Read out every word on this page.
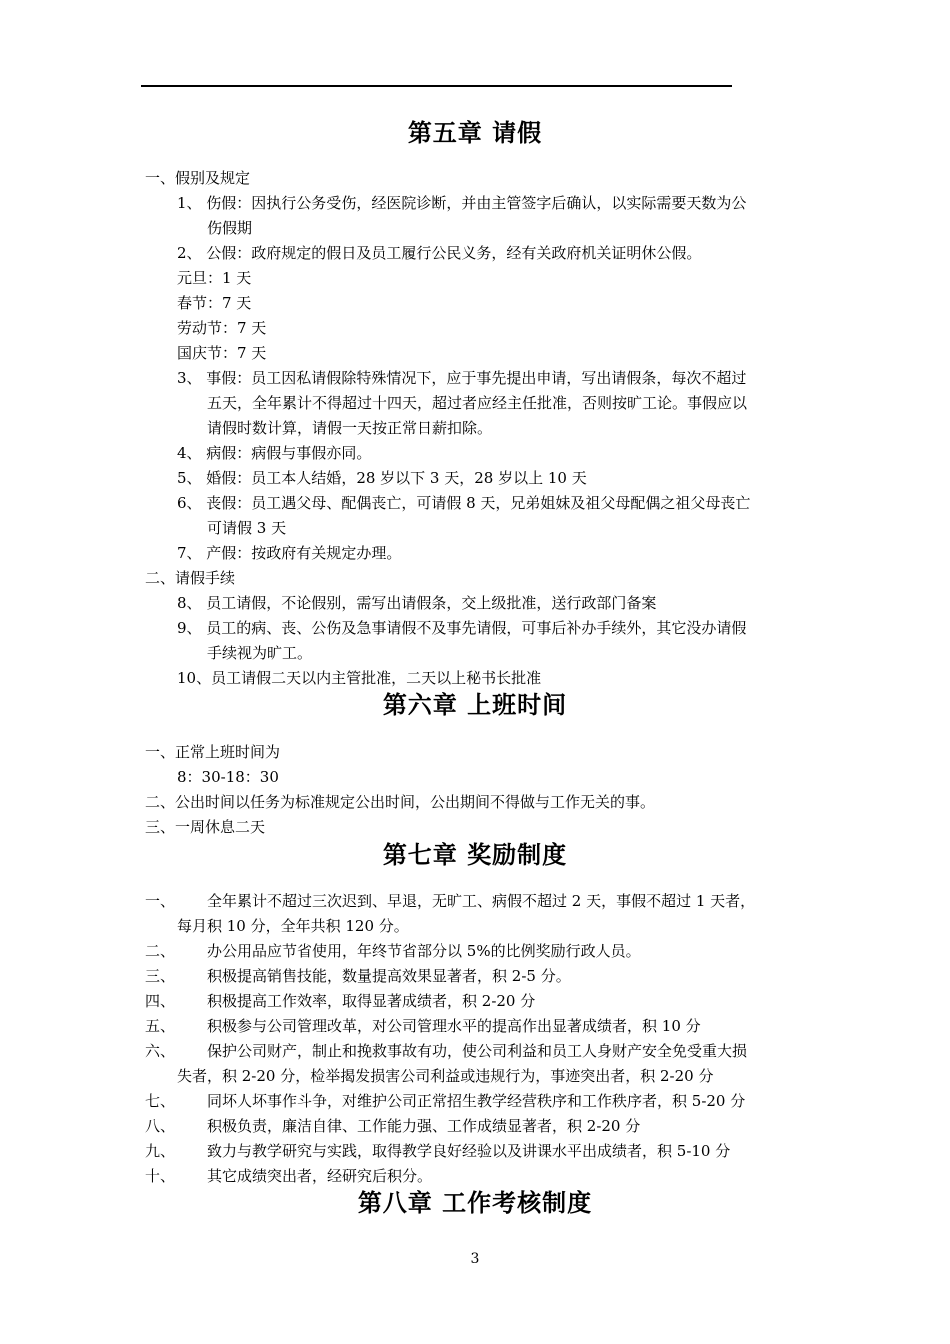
第五章 请假
一、假别及规定
1、 伤假：因执行公务受伤，经医院诊断，并由主管签字后确认，以实际需要天数为公
伤假期
2、 公假：政府规定的假日及员工履行公民义务，经有关政府机关证明休公假。
元旦：1 天
春节：7 天
劳动节：7 天
国庆节：7 天
3、 事假：员工因私请假除特殊情况下，应于事先提出申请，写出请假条，每次不超过
五天，全年累计不得超过十四天，超过者应经主任批准，否则按旷工论。事假应以
请假时数计算，请假一天按正常日薪扣除。
4、 病假：病假与事假亦同。
5、 婚假：员工本人结婚，28 岁以下 3 天，28 岁以上 10 天
6、 丧假：员工遇父母、配偶丧亡，可请假 8 天，兄弟姐妹及祖父母配偶之祖父母丧亡
可请假 3 天
7、 产假：按政府有关规定办理。
二、请假手续
8、 员工请假，不论假别，需写出请假条，交上级批准，送行政部门备案
9、 员工的病、丧、公伤及急事请假不及事先请假，可事后补办手续外，其它没办请假
手续视为旷工。
10、员工请假二天以内主管批准，二天以上秘书长批准
第六章 上班时间
一、正常上班时间为
8：30-18：30
二、公出时间以任务为标准规定公出时间，公出期间不得做与工作无关的事。
三、一周休息二天
第七章 奖励制度
一、 全年累计不超过三次迟到、早退，无旷工、病假不超过 2 天，事假不超过 1 天者，
每月积 10 分，全年共积 120 分。
二、 办公用品应节省使用，年终节省部分以 5%的比例奖励行政人员。
三、 积极提高销售技能，数量提高效果显著者，积 2-5 分。
四、 积极提高工作效率，取得显著成绩者，积 2-20 分
五、 积极参与公司管理改革，对公司管理水平的提高作出显著成绩者，积 10 分
六、 保护公司财产，制止和挽救事故有功，使公司利益和员工人身财产安全免受重大损
失者，积 2-20 分，检举揭发损害公司利益或违规行为，事迹突出者，积 2-20 分
七、 同坏人坏事作斗争，对维护公司正常招生教学经营秩序和工作秩序者，积 5-20 分
八、 积极负责，廉洁自律、工作能力强、工作成绩显著者，积 2-20 分
九、 致力与教学研究与实践，取得教学良好经验以及讲课水平出成绩者，积 5-10 分
十、 其它成绩突出者，经研究后积分。
第八章 工作考核制度
3
